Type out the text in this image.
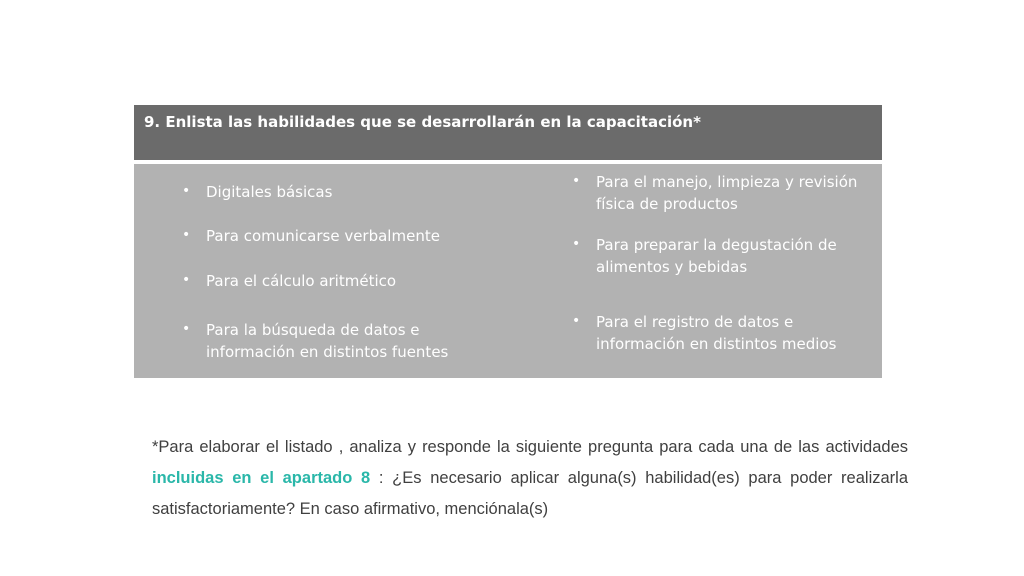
9. Enlista las habilidades que se desarrollarán en la capacitación*
• Digitales básicas
• Para comunicarse verbalmente
• Para el cálculo aritmético
• Para la búsqueda de datos e información en distintos fuentes
• Para el manejo, limpieza y revisión física de productos
• Para preparar la degustación de alimentos y bebidas
• Para el registro de datos e información en distintos medios

*Para elaborar el listado , analiza y responde la siguiente pregunta para cada una de las actividades incluidas en el apartado 8 : ¿Es necesario aplicar alguna(s) habilidad(es) para poder realizarla satisfactoriamente? En caso afirmativo, menciónala(s)
